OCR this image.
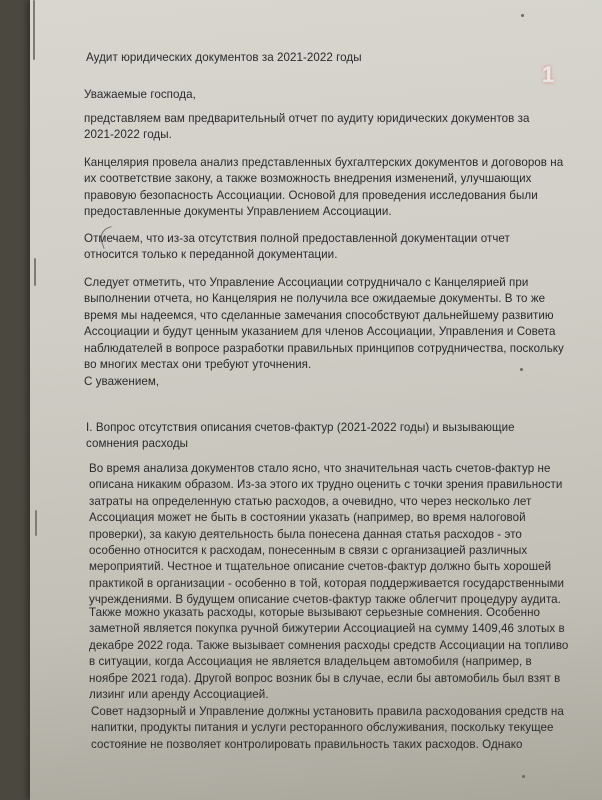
1

Аудит юридических документов за 2021-2022 годы

Уважаемые господа,

представляем вам предварительный отчет по аудиту юридических документов за
2021-2022 годы.

Канцелярия провела анализ представленных бухгалтерских документов и договоров на
их соответствие закону, а также возможность внедрения изменений, улучшающих
правовую безопасность Ассоциации. Основой для проведения исследования были
предоставленные документы Управлением Ассоциации.

Отмечаем, что из-за отсутствия полной предоставленной документации отчет
относится только к переданной документации.

Следует отметить, что Управление Ассоциации сотрудничало с Канцелярией при
выполнении отчета, но Канцелярия не получила все ожидаемые документы. В то же
время мы надеемся, что сделанные замечания способствуют дальнейшему развитию
Ассоциации и будут ценным указанием для членов Ассоциации, Управления и Совета
наблюдателей в вопросе разработки правильных принципов сотрудничества, поскольку
во многих местах они требуют уточнения.

С уважением,

I. Вопрос отсутствия описания счетов-фактур (2021-2022 годы) и вызывающие
сомнения расходы

Во время анализа документов стало ясно, что значительная часть счетов-фактур не
описана никаким образом. Из-за этого их трудно оценить с точки зрения правильности
затраты на определенную статью расходов, а очевидно, что через несколько лет
Ассоциация может не быть в состоянии указать (например, во время налоговой
проверки), за какую деятельность была понесена данная статья расходов - это
особенно относится к расходам, понесенным в связи с организацией различных
мероприятий. Честное и тщательное описание счетов-фактур должно быть хорошей
практикой в организации - особенно в той, которая поддерживается государственными
учреждениями. В будущем описание счетов-фактур также облегчит процедуру аудита.

Также можно указать расходы, которые вызывают серьезные сомнения. Особенно
заметной является покупка ручной бижутерии Ассоциацией на сумму 1409,46 злотых в
декабре 2022 года. Также вызывает сомнения расходы средств Ассоциации на топливо
в ситуации, когда Ассоциация не является владельцем автомобиля (например, в
ноябре 2021 года). Другой вопрос возник бы в случае, если бы автомобиль был взят в
лизинг или аренду Ассоциацией.

Совет надзорный и Управление должны установить правила расходования средств на
напитки, продукты питания и услуги ресторанного обслуживания, поскольку текущее
состояние не позволяет контролировать правильность таких расходов. Однако
